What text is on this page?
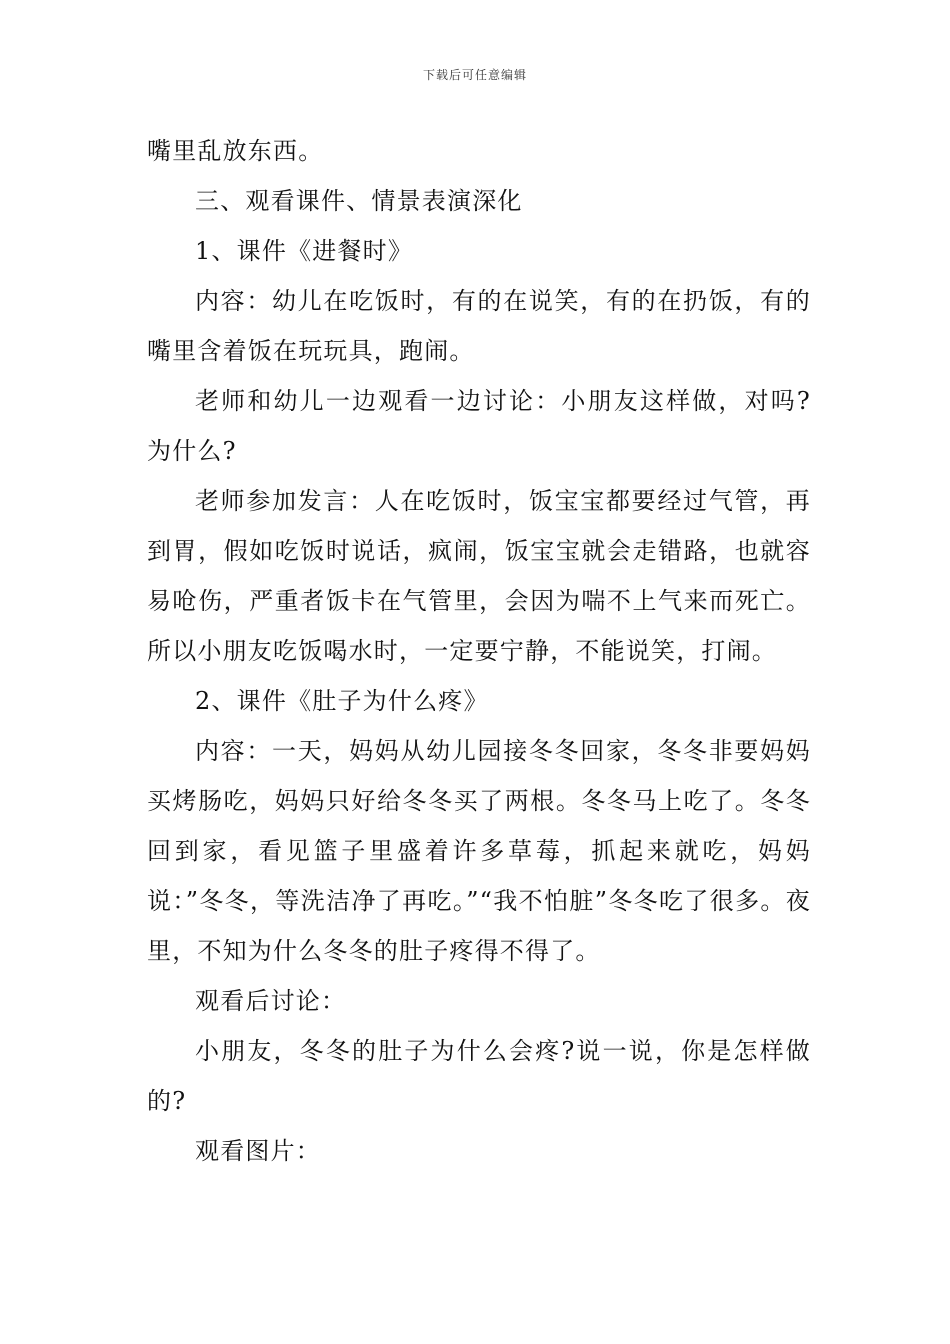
下载后可任意编辑

嘴里乱放东西。

三、观看课件、情景表演深化

1、课件《进餐时》

内容：幼儿在吃饭时，有的在说笑，有的在扔饭，有的嘴里含着饭在玩玩具，跑闹。

老师和幼儿一边观看一边讨论：小朋友这样做，对吗?为什么?

老师参加发言：人在吃饭时，饭宝宝都要经过气管，再到胃，假如吃饭时说话，疯闹，饭宝宝就会走错路，也就容易呛伤，严重者饭卡在气管里，会因为喘不上气来而死亡。所以小朋友吃饭喝水时，一定要宁静，不能说笑，打闹。

2、课件《肚子为什么疼》

内容：一天，妈妈从幼儿园接冬冬回家，冬冬非要妈妈买烤肠吃，妈妈只好给冬冬买了两根。冬冬马上吃了。冬冬回到家，看见篮子里盛着许多草莓，抓起来就吃，妈妈说：”冬冬，等洗洁净了再吃。”“我不怕脏”冬冬吃了很多。夜里，不知为什么冬冬的肚子疼得不得了。

观看后讨论：

小朋友，冬冬的肚子为什么会疼?说一说，你是怎样做的?

观看图片：
